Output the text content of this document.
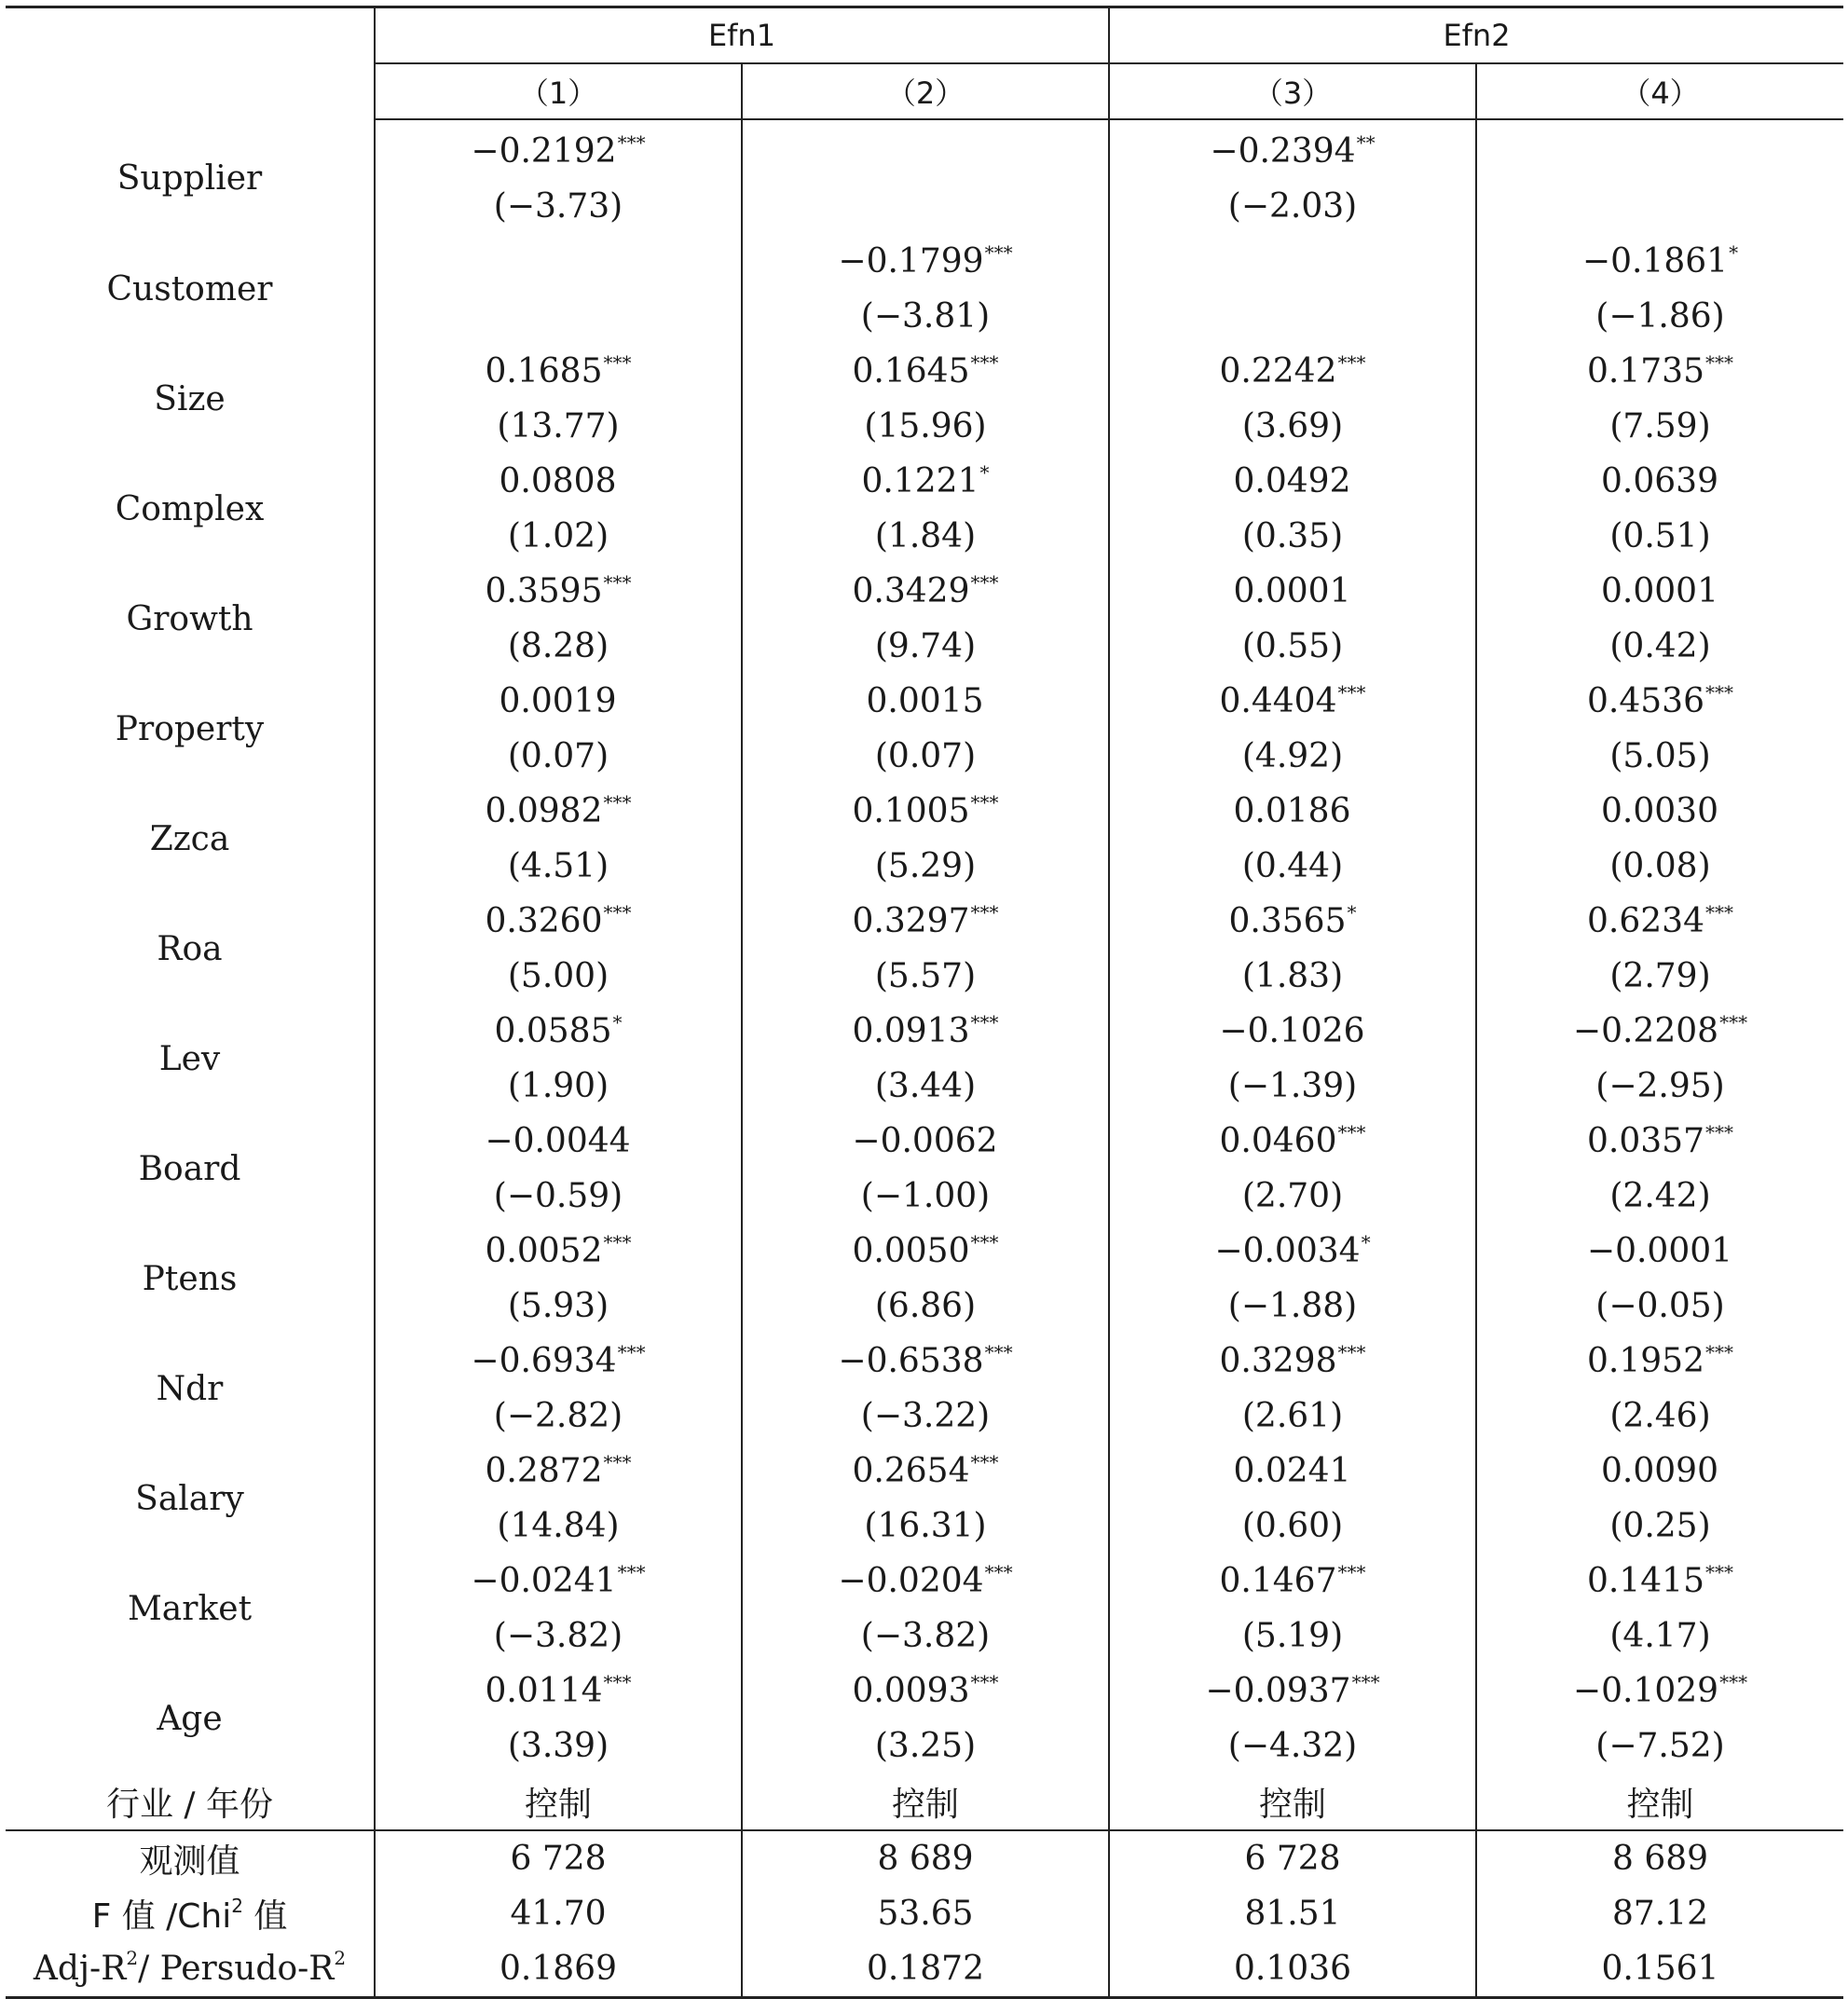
	Efn1		Efn2	
	（1）	（2）	（3）	（4）
Supplier	−0.2192***		−0.2394**	
	(−3.73)		(−2.03)	
Customer		−0.1799***		−0.1861*
		(−3.81)		(−1.86)
Size	0.1685***	0.1645***	0.2242***	0.1735***
	(13.77)	(15.96)	(3.69)	(7.59)
Complex	0.0808	0.1221*	0.0492	0.0639
	(1.02)	(1.84)	(0.35)	(0.51)
Growth	0.3595***	0.3429***	0.0001	0.0001
	(8.28)	(9.74)	(0.55)	(0.42)
Property	0.0019	0.0015	0.4404***	0.4536***
	(0.07)	(0.07)	(4.92)	(5.05)
Zzca	0.0982***	0.1005***	0.0186	0.0030
	(4.51)	(5.29)	(0.44)	(0.08)
Roa	0.3260***	0.3297***	0.3565*	0.6234***
	(5.00)	(5.57)	(1.83)	(2.79)
Lev	0.0585*	0.0913***	−0.1026	−0.2208***
	(1.90)	(3.44)	(−1.39)	(−2.95)
Board	−0.0044	−0.0062	0.0460***	0.0357***
	(−0.59)	(−1.00)	(2.70)	(2.42)
Ptens	0.0052***	0.0050***	−0.0034*	−0.0001
	(5.93)	(6.86)	(−1.88)	(−0.05)
Ndr	−0.6934***	−0.6538***	0.3298***	0.1952***
	(−2.82)	(−3.22)	(2.61)	(2.46)
Salary	0.2872***	0.2654***	0.0241	0.0090
	(14.84)	(16.31)	(0.60)	(0.25)
Market	−0.0241***	−0.0204***	0.1467***	0.1415***
	(−3.82)	(−3.82)	(5.19)	(4.17)
Age	0.0114***	0.0093***	−0.0937***	−0.1029***
	(3.39)	(3.25)	(−4.32)	(−7.52)
行业 / 年份	控制	控制	控制	控制
观测值	6 728	8 689	6 728	8 689
F 值 /Chi$^2$ 值	41.70	53.65	81.51	87.12
Adj-$R^2/$ Persudo-$R^2$	0.1869	0.1872	0.1036	0.1561
